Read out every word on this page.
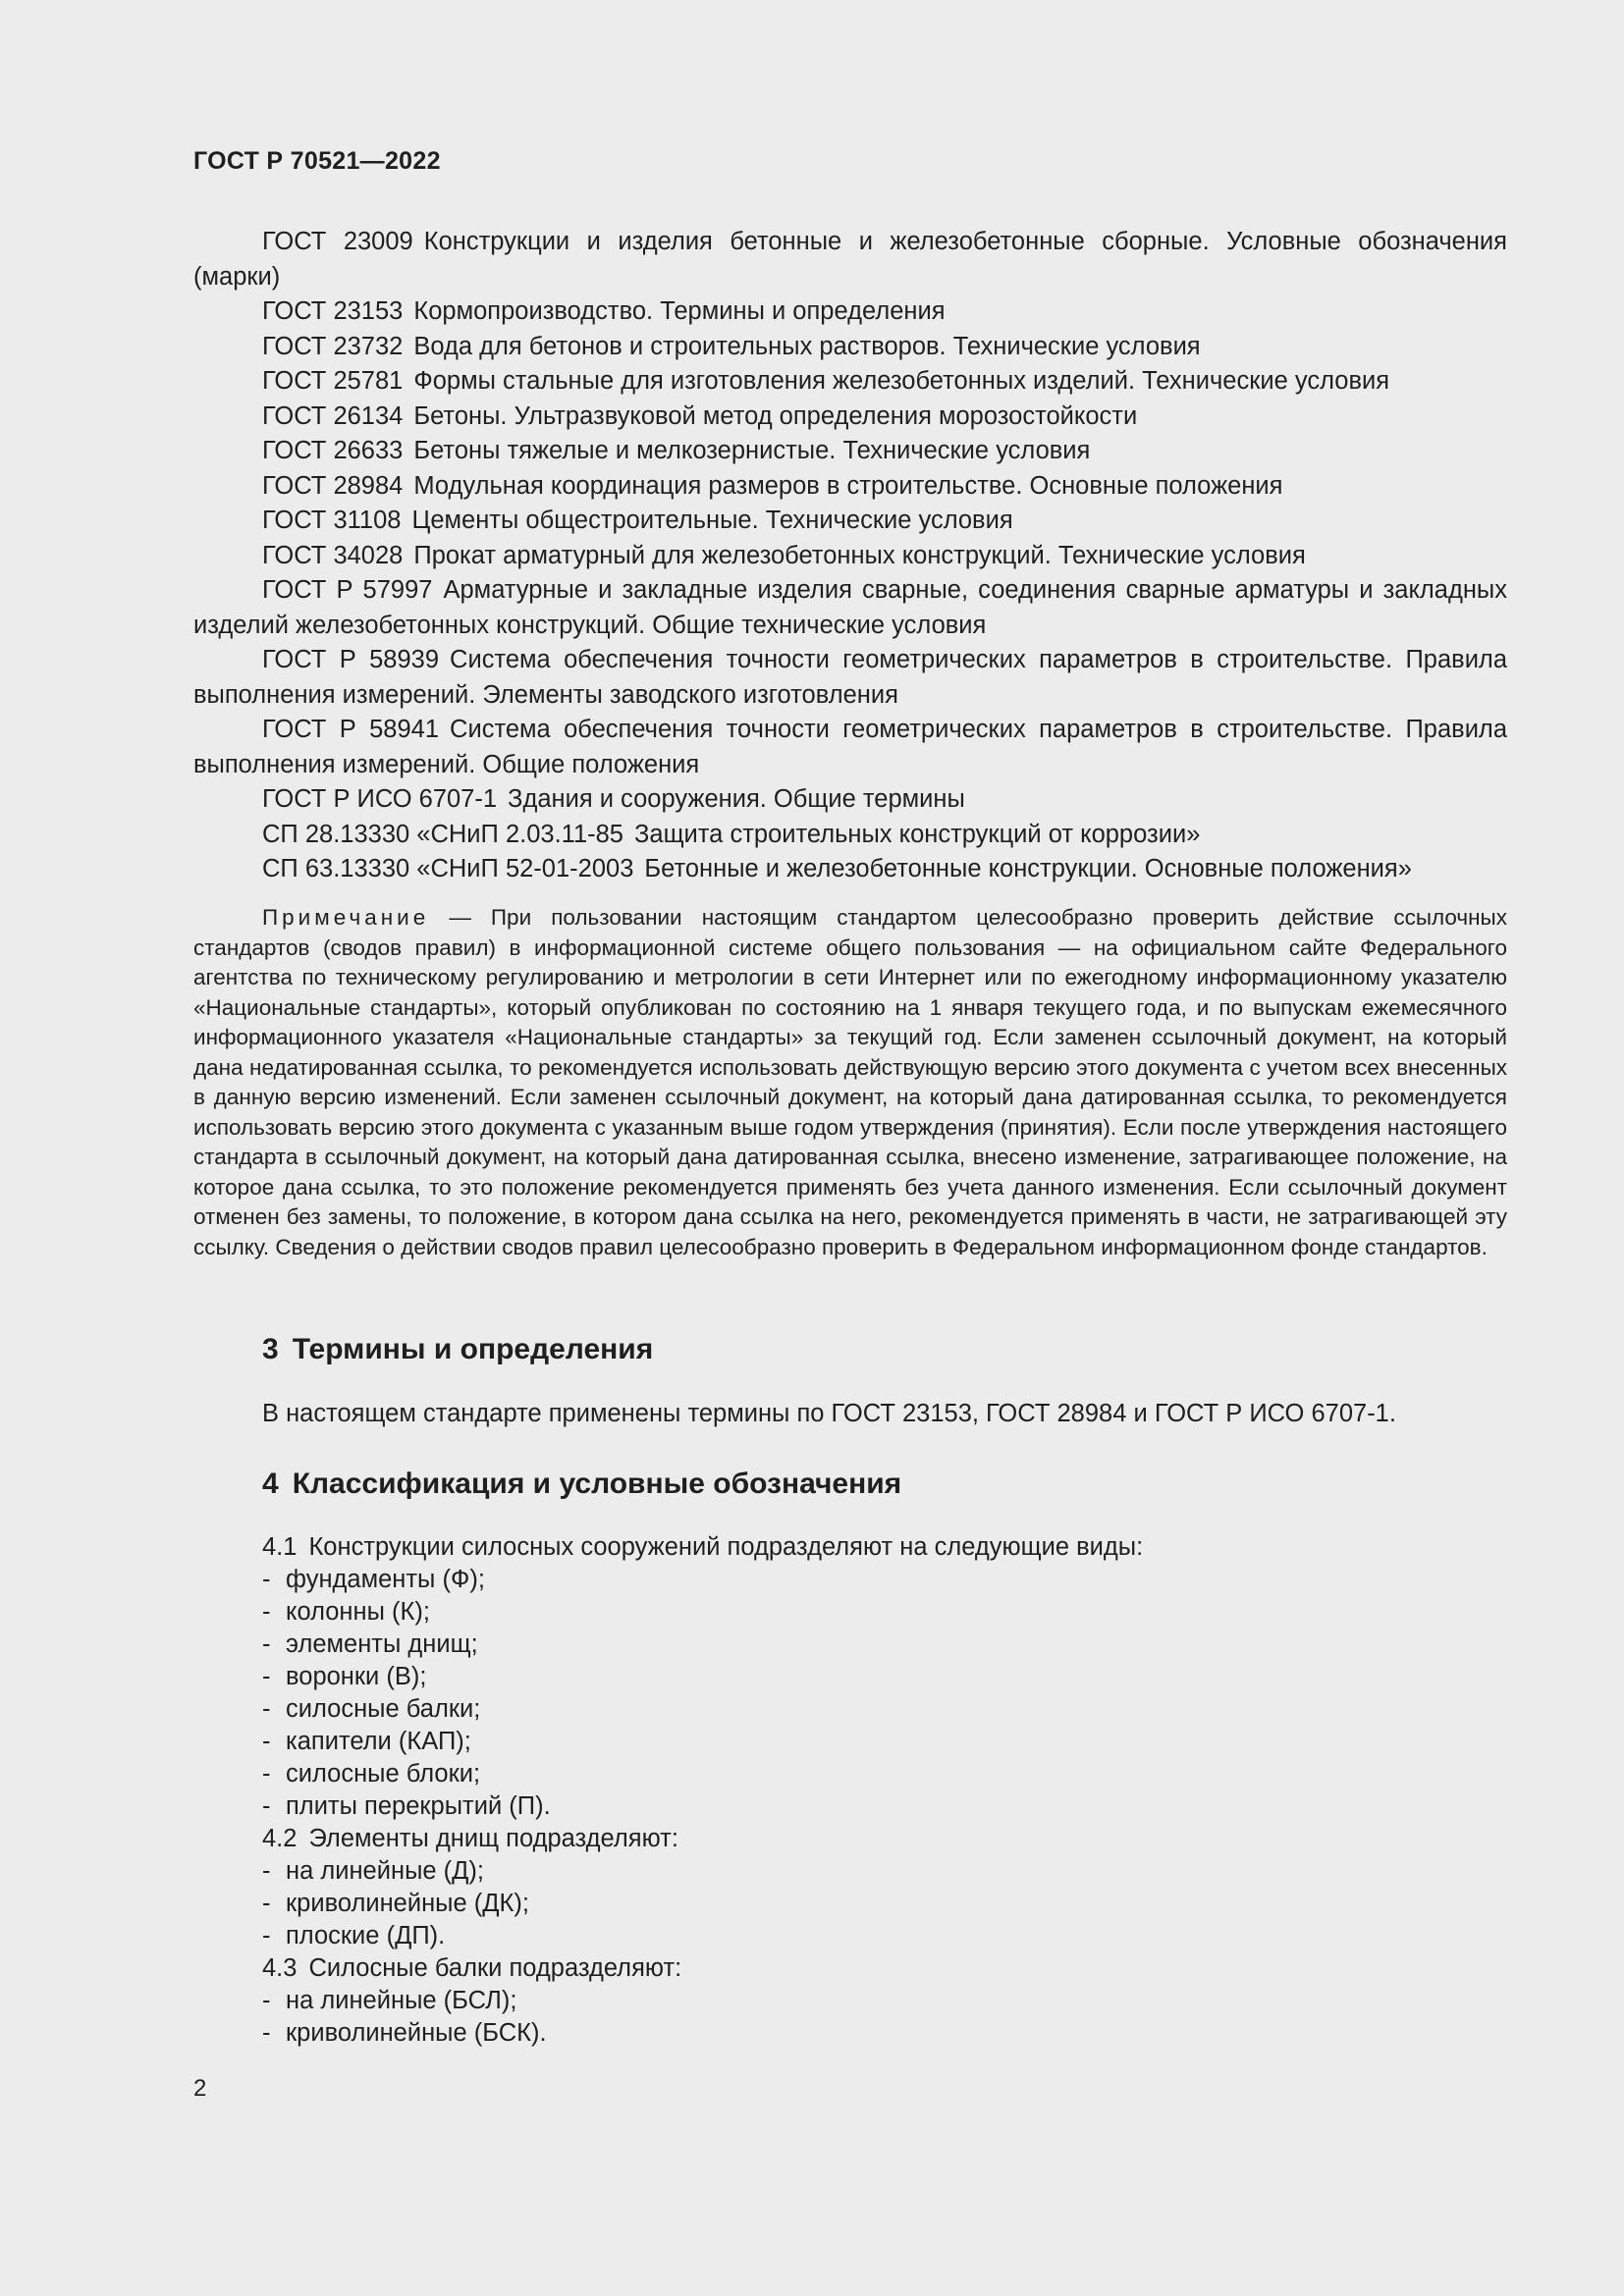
ГОСТ Р 70521—2022

ГОСТ 23009 Конструкции и изделия бетонные и железобетонные сборные. Условные обозначения (марки)

ГОСТ 23153 Кормопроизводство. Термины и определения

ГОСТ 23732 Вода для бетонов и строительных растворов. Технические условия

ГОСТ 25781 Формы стальные для изготовления железобетонных изделий. Технические условия

ГОСТ 26134 Бетоны. Ультразвуковой метод определения морозостойкости

ГОСТ 26633 Бетоны тяжелые и мелкозернистые. Технические условия

ГОСТ 28984 Модульная координация размеров в строительстве. Основные положения

ГОСТ 31108 Цементы общестроительные. Технические условия

ГОСТ 34028 Прокат арматурный для железобетонных конструкций. Технические условия

ГОСТ Р 57997 Арматурные и закладные изделия сварные, соединения сварные арматуры и закладных изделий железобетонных конструкций. Общие технические условия

ГОСТ Р 58939 Система обеспечения точности геометрических параметров в строительстве. Правила выполнения измерений. Элементы заводского изготовления

ГОСТ Р 58941 Система обеспечения точности геометрических параметров в строительстве. Правила выполнения измерений. Общие положения

ГОСТ Р ИСО 6707-1 Здания и сооружения. Общие термины

СП 28.13330 «СНиП 2.03.11-85 Защита строительных конструкций от коррозии»

СП 63.13330 «СНиП 52-01-2003 Бетонные и железобетонные конструкции. Основные положения»

Примечание — При пользовании настоящим стандартом целесообразно проверить действие ссылочных стандартов (сводов правил) в информационной системе общего пользования — на официальном сайте Федерального агентства по техническому регулированию и метрологии в сети Интернет или по ежегодному информационному указателю «Национальные стандарты», который опубликован по состоянию на 1 января текущего года, и по выпускам ежемесячного информационного указателя «Национальные стандарты» за текущий год. Если заменен ссылочный документ, на который дана недатированная ссылка, то рекомендуется использовать действующую версию этого документа с учетом всех внесенных в данную версию изменений. Если заменен ссылочный документ, на который дана датированная ссылка, то рекомендуется использовать версию этого документа с указанным выше годом утверждения (принятия). Если после утверждения настоящего стандарта в ссылочный документ, на который дана датированная ссылка, внесено изменение, затрагивающее положение, на которое дана ссылка, то это положение рекомендуется применять без учета данного изменения. Если ссылочный документ отменен без замены, то положение, в котором дана ссылка на него, рекомендуется применять в части, не затрагивающей эту ссылку. Сведения о действии сводов правил целесообразно проверить в Федеральном информационном фонде стандартов.

3 Термины и определения

В настоящем стандарте применены термины по ГОСТ 23153, ГОСТ 28984 и ГОСТ Р ИСО 6707-1.

4 Классификация и условные обозначения

4.1 Конструкции силосных сооружений подразделяют на следующие виды:

- фундаменты (Ф);

- колонны (К);

- элементы днищ;

- воронки (В);

- силосные балки;

- капители (КАП);

- силосные блоки;

- плиты перекрытий (П).

4.2 Элементы днищ подразделяют:

- на линейные (Д);

- криволинейные (ДК);

- плоские (ДП).

4.3 Силосные балки подразделяют:

- на линейные (БСЛ);

- криволинейные (БСК).

2
